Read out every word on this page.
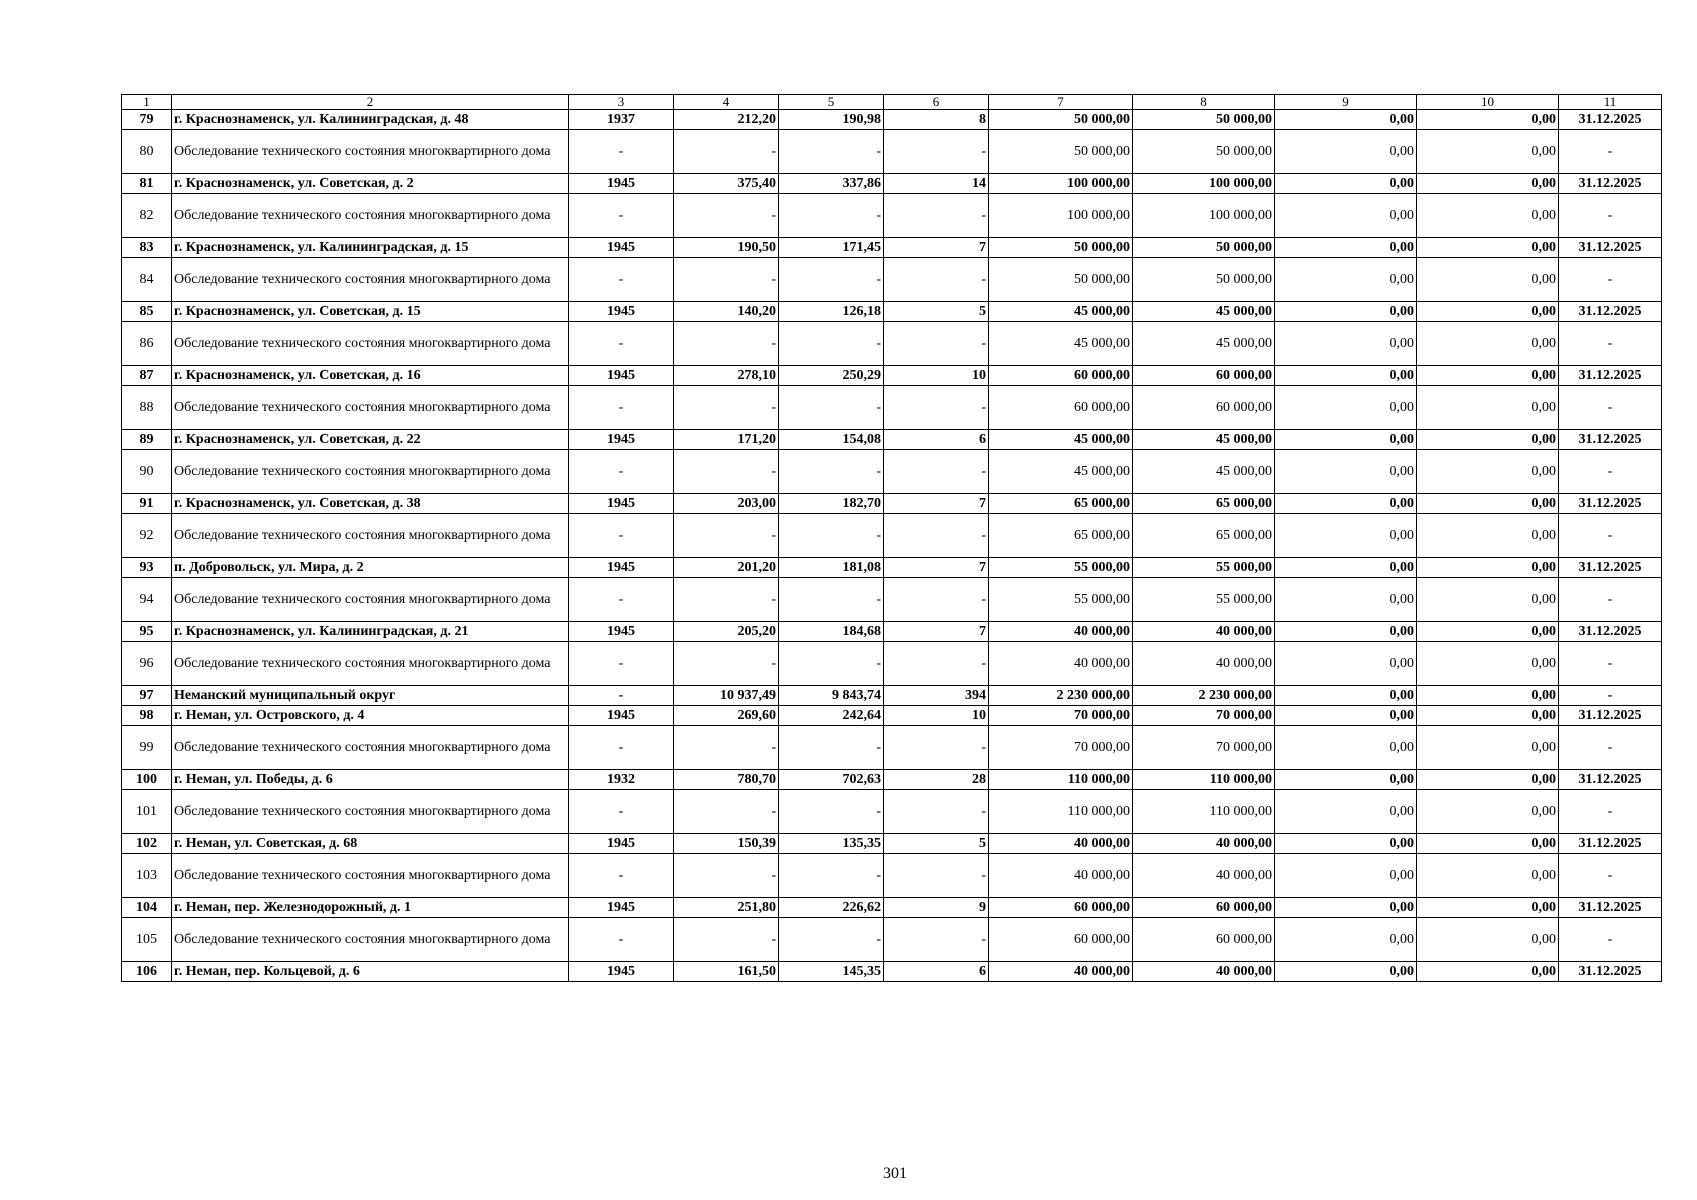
1	2	3	4	5	6	7	8	9	10	11
79	г. Краснознаменск, ул. Калининградская, д. 48	1937	212,20	190,98	8	50 000,00	50 000,00	0,00	0,00	31.12.2025
80	Обследование технического состояния многоквартирного дома	-	-	-	-	50 000,00	50 000,00	0,00	0,00	-
81	г. Краснознаменск, ул. Советская, д. 2	1945	375,40	337,86	14	100 000,00	100 000,00	0,00	0,00	31.12.2025
82	Обследование технического состояния многоквартирного дома	-	-	-	-	100 000,00	100 000,00	0,00	0,00	-
83	г. Краснознаменск, ул. Калининградская, д. 15	1945	190,50	171,45	7	50 000,00	50 000,00	0,00	0,00	31.12.2025
84	Обследование технического состояния многоквартирного дома	-	-	-	-	50 000,00	50 000,00	0,00	0,00	-
85	г. Краснознаменск, ул. Советская, д. 15	1945	140,20	126,18	5	45 000,00	45 000,00	0,00	0,00	31.12.2025
86	Обследование технического состояния многоквартирного дома	-	-	-	-	45 000,00	45 000,00	0,00	0,00	-
87	г. Краснознаменск, ул. Советская, д. 16	1945	278,10	250,29	10	60 000,00	60 000,00	0,00	0,00	31.12.2025
88	Обследование технического состояния многоквартирного дома	-	-	-	-	60 000,00	60 000,00	0,00	0,00	-
89	г. Краснознаменск, ул. Советская, д. 22	1945	171,20	154,08	6	45 000,00	45 000,00	0,00	0,00	31.12.2025
90	Обследование технического состояния многоквартирного дома	-	-	-	-	45 000,00	45 000,00	0,00	0,00	-
91	г. Краснознаменск, ул. Советская, д. 38	1945	203,00	182,70	7	65 000,00	65 000,00	0,00	0,00	31.12.2025
92	Обследование технического состояния многоквартирного дома	-	-	-	-	65 000,00	65 000,00	0,00	0,00	-
93	п. Добровольск, ул. Мира, д. 2	1945	201,20	181,08	7	55 000,00	55 000,00	0,00	0,00	31.12.2025
94	Обследование технического состояния многоквартирного дома	-	-	-	-	55 000,00	55 000,00	0,00	0,00	-
95	г. Краснознаменск, ул. Калининградская, д. 21	1945	205,20	184,68	7	40 000,00	40 000,00	0,00	0,00	31.12.2025
96	Обследование технического состояния многоквартирного дома	-	-	-	-	40 000,00	40 000,00	0,00	0,00	-
97	Неманский муниципальный округ	-	10 937,49	9 843,74	394	2 230 000,00	2 230 000,00	0,00	0,00	-
98	г. Неман, ул. Островского, д. 4	1945	269,60	242,64	10	70 000,00	70 000,00	0,00	0,00	31.12.2025
99	Обследование технического состояния многоквартирного дома	-	-	-	-	70 000,00	70 000,00	0,00	0,00	-
100	г. Неман, ул. Победы, д. 6	1932	780,70	702,63	28	110 000,00	110 000,00	0,00	0,00	31.12.2025
101	Обследование технического состояния многоквартирного дома	-	-	-	-	110 000,00	110 000,00	0,00	0,00	-
102	г. Неман, ул. Советская, д. 68	1945	150,39	135,35	5	40 000,00	40 000,00	0,00	0,00	31.12.2025
103	Обследование технического состояния многоквартирного дома	-	-	-	-	40 000,00	40 000,00	0,00	0,00	-
104	г. Неман, пер. Железнодорожный, д. 1	1945	251,80	226,62	9	60 000,00	60 000,00	0,00	0,00	31.12.2025
105	Обследование технического состояния многоквартирного дома	-	-	-	-	60 000,00	60 000,00	0,00	0,00	-
106	г. Неман, пер. Кольцевой, д. 6	1945	161,50	145,35	6	40 000,00	40 000,00	0,00	0,00	31.12.2025
301
